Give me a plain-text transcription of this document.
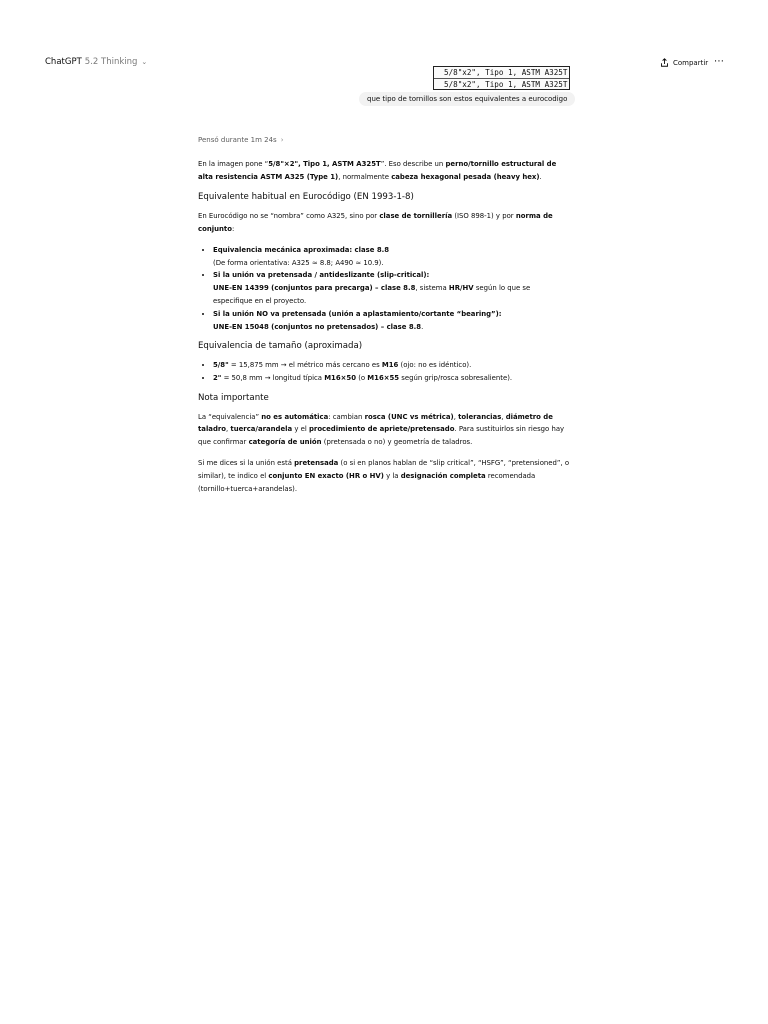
ChatGPT 5.2 Thinking ⌄	Compartir ⋯
5/8"x2", Tipo 1, ASTM A325T
5/8"x2", Tipo 1, ASTM A325T
que tipo de tornillos son estos equivalentes a eurocodigo
Pensó durante 1m 24s ›

En la imagen pone “5/8"×2", Tipo 1, ASTM A325T”. Eso describe un perno/tornillo estructural de alta resistencia ASTM A325 (Type 1), normalmente cabeza hexagonal pesada (heavy hex).

Equivalente habitual en Eurocódigo (EN 1993-1-8)

En Eurocódigo no se “nombra” como A325, sino por clase de tornillería (ISO 898-1) y por norma de conjunto:

• Equivalencia mecánica aproximada: clase 8.8
(De forma orientativa: A325 ≈ 8.8; A490 ≈ 10.9).
• Si la unión va pretensada / antideslizante (slip-critical):
UNE-EN 14399 (conjuntos para precarga) – clase 8.8, sistema HR/HV según lo que se especifique en el proyecto.
• Si la unión NO va pretensada (unión a aplastamiento/cortante “bearing”):
UNE-EN 15048 (conjuntos no pretensados) – clase 8.8.
Equivalencia de tamaño (aproximada)
• 5/8" = 15,875 mm → el métrico más cercano es M16 (ojo: no es idéntico).
• 2" = 50,8 mm → longitud típica M16×50 (o M16×55 según grip/rosca sobresaliente).
Nota importante

La “equivalencia” no es automática: cambian rosca (UNC vs métrica), tolerancias, diámetro de taladro, tuerca/arandela y el procedimiento de apriete/pretensado. Para sustituirlos sin riesgo hay que confirmar categoría de unión (pretensada o no) y geometría de taladros.

Si me dices si la unión está pretensada (o si en planos hablan de “slip critical”, “HSFG”, “pretensioned”, o similar), te indico el conjunto EN exacto (HR o HV) y la designación completa recomendada (tornillo+tuerca+arandelas).
